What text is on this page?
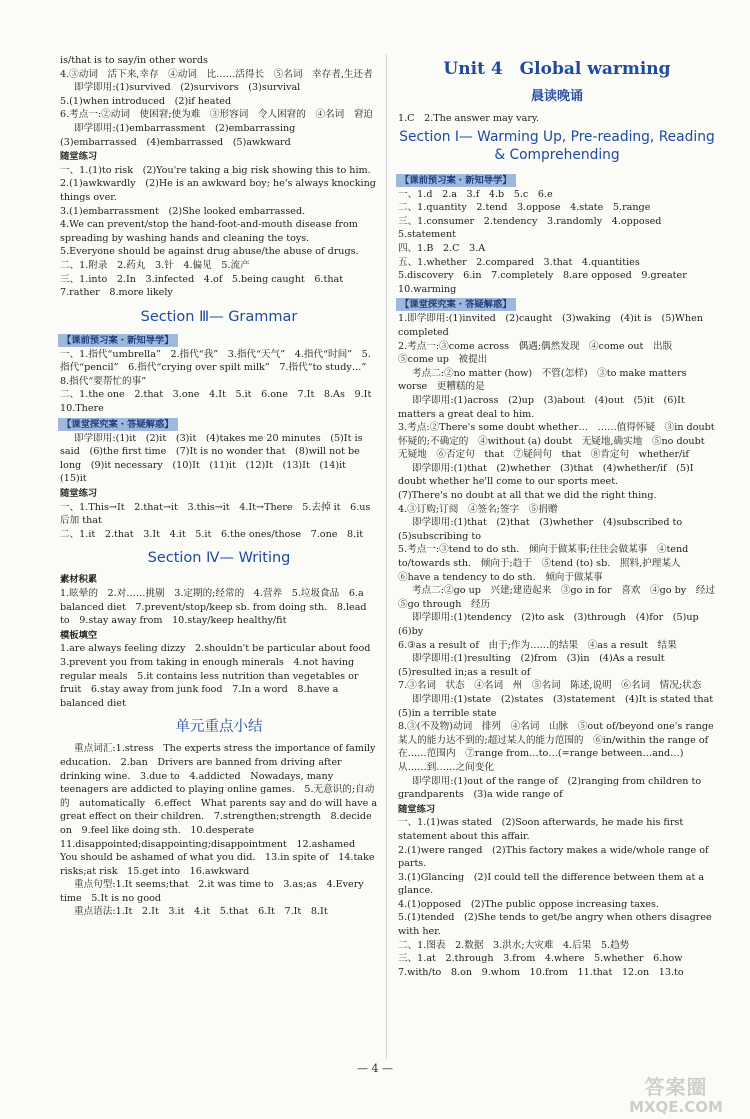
is/that is to say/in other words

4.③动词　活下来,幸存　④动词　比……活得长　⑤名词　幸存者,生还者

即学即用:(1)survived　(2)survivors　(3)survival

5.(1)when introduced　(2)if heated

6.考点一:②动词　使困窘;使为难　③形容词　令人困窘的　④名词　窘迫

即学即用:(1)embarrassment　(2)embarrassing　(3)embarrassed　(4)embarrassed　(5)awkward

随堂练习

一、1.(1)to risk　(2)You're taking a big risk showing this to him.

2.(1)awkwardly　(2)He is an awkward boy; he's always knocking things over.

3.(1)embarrassment　(2)She looked embarrassed.

4.We can prevent/stop the hand-foot-and-mouth disease from spreading by washing hands and cleaning the toys.

5.Everyone should be against drug abuse/the abuse of drugs.

二、1.附录　2.药丸　3.针　4.偏见　5.流产

三、1.into　2.In　3.infected　4.of　5.being caught　6.that　7.rather　8.more likely

Section Ⅲ— Grammar
【课前预习案・新知导学】

一、1.指代“umbrella”　2.指代“我”　3.指代“天气”　4.指代“时间”　5.指代“pencil”　6.指代“crying over spilt milk”　7.指代“to study…”　8.指代“要帮忙的事”

二、1.the one　2.that　3.one　4.It　5.it　6.one　7.It　8.As　9.It　10.There

【课堂探究案・答疑解惑】

即学即用:(1)it　(2)it　(3)it　(4)takes me 20 minutes　(5)It is said　(6)the first time　(7)It is no wonder that　(8)will not be long　(9)it necessary　(10)It　(11)it　(12)It　(13)It　(14)it　(15)it

随堂练习

一、1.This→It　2.that→it　3.this→it　4.It→There　5.去掉 it　6.us 后加 that

二、1.it　2.that　3.It　4.it　5.it　6.the ones/those　7.one　8.it

Section Ⅳ— Writing
素材积累

1.眩晕的　2.对……挑剔　3.定期的;经常的　4.营养　5.垃圾食品　6.a balanced diet　7.prevent/stop/keep sb. from doing sth.　8.lead to　9.stay away from　10.stay/keep healthy/fit

模板填空

1.are always feeling dizzy　2.shouldn't be particular about food　3.prevent you from taking in enough minerals　4.not having regular meals　5.it contains less nutrition than vegetables or fruit　6.stay away from junk food　7.In a word　8.have a balanced diet

单元重点小结

重点词汇:1.stress　The experts stress the importance of family education.　2.ban　Drivers are banned from driving after drinking wine.　3.due to　4.addicted　Nowadays, many teenagers are addicted to playing online games.　5.无意识的;自动的　automatically　6.effect　What parents say and do will have a great effect on their children.　7.strengthen;strength　8.decide on　9.feel like doing sth.　10.desperate　11.disappointed;disappointing;disappointment　12.ashamed　You should be ashamed of what you did.　13.in spite of　14.take risks;at risk　15.get into　16.awkward

重点句型:1.It seems;that　2.it was time to　3.as;as　4.Every time　5.It is no good

重点语法:1.It　2.It　3.it　4.it　5.that　6.It　7.It　8.It

Unit 4　Global warming
晨读晚诵

1.C　2.The answer may vary.

Section Ⅰ— Warming Up, Pre-reading, Reading & Comprehending
【课前预习案・新知导学】

一、1.d　2.a　3.f　4.b　5.c　6.e

二、1.quantity　2.tend　3.oppose　4.state　5.range

三、1.consumer　2.tendency　3.randomly　4.opposed　5.statement

四、1.B　2.C　3.A

五、1.whether　2.compared　3.that　4.quantities

5.discovery　6.in　7.completely　8.are opposed　9.greater　10.warming

【课堂探究案・答疑解惑】

1.即学即用:(1)invited　(2)caught　(3)waking　(4)it is　(5)When completed

2.考点一:③come across　偶遇;偶然发现　④come out　出版　⑤come up　被提出

考点二:②no matter (how)　不管(怎样)　③to make matters worse　更糟糕的是

即学即用:(1)across　(2)up　(3)about　(4)out　(5)it　(6)It matters a great deal to him.

3.考点:②There's some doubt whether…　……值得怀疑　③in doubt　怀疑的;不确定的　④without (a) doubt　无疑地,确实地　⑤no doubt　无疑地　⑥否定句　that　⑦疑问句　that　⑧肯定句　whether/if

即学即用:(1)that　(2)whether　(3)that　(4)whether/if　(5)I doubt whether he'll come to our sports meet.

(7)There's no doubt at all that we did the right thing.

4.③订购;订阅　④签名;签字　⑤捐赠

即学即用:(1)that　(2)that　(3)whether　(4)subscribed to　(5)subscribing to

5.考点一:③tend to do sth.　倾向于做某事;往往会做某事　④tend to/towards sth.　倾向于;趋于　⑤tend (to) sb.　照料,护理某人　⑥have a tendency to do sth.　倾向于做某事

考点二:②go up　兴建;建造起来　③go in for　喜欢　④go by　经过　⑤go through　经历

即学即用:(1)tendency　(2)to ask　(3)through　(4)for　(5)up　(6)by

6.③as a result of　由于;作为……的结果　④as a result　结果

即学即用:(1)resulting　(2)from　(3)in　(4)As a result　(5)resulted in;as a result of

7.③名词　状态　④名词　州　⑤名词　陈述,说明　⑥名词　情况;状态

即学即用:(1)state　(2)states　(3)statement　(4)It is stated that　(5)in a terrible state

8.③(不及物)动词　排列　④名词　山脉　⑤out of/beyond one's range　某人的能力达不到的;超过某人的能力范围的　⑥in/within the range of　在……范围内　⑦range from…to…(=range between…and…)　从……到……之间变化

即学即用:(1)out of the range of　(2)ranging from children to grandparents　(3)a wide range of

随堂练习

一、1.(1)was stated　(2)Soon afterwards, he made his first statement about this affair.

2.(1)were ranged　(2)This factory makes a wide/whole range of parts.

3.(1)Glancing　(2)I could tell the difference between them at a glance.

4.(1)opposed　(2)The public oppose increasing taxes.

5.(1)tended　(2)She tends to get/be angry when others disagree with her.

二、1.图表　2.数据　3.洪水;大灾难　4.后果　5.趋势

三、1.at　2.through　3.from　4.where　5.whether　6.how　7.with/to　8.on　9.whom　10.from　11.that　12.on　13.to

— 4 —
答案圈
MXQE.COM
